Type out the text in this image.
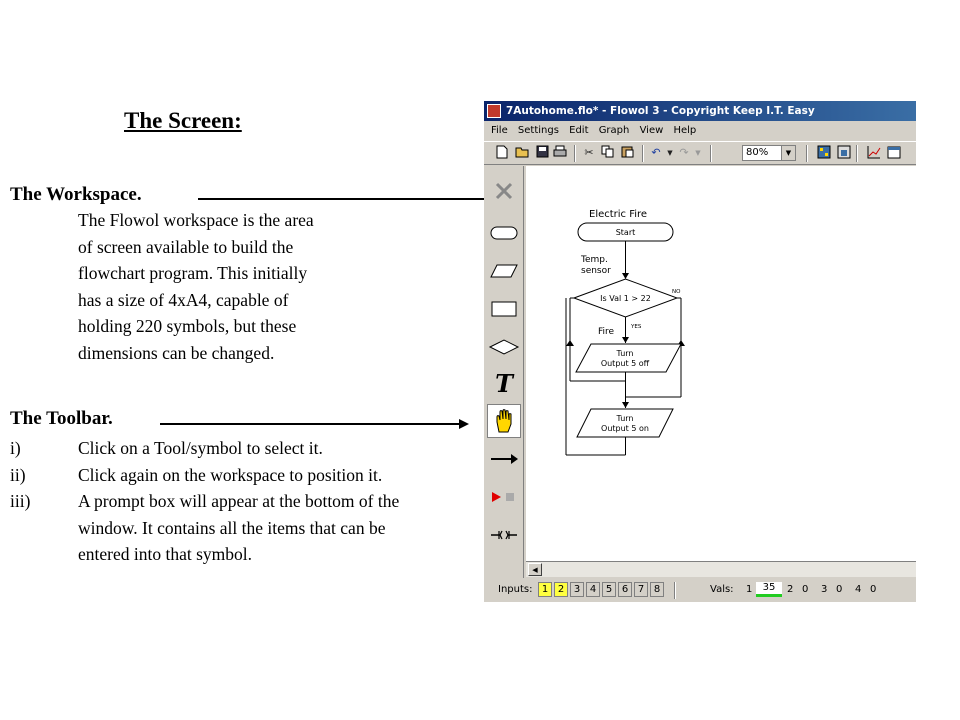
The Screen:
The Workspace.
The Flowol workspace is the area
of screen available to build the
flowchart program. This initially
has a size of 4xA4, capable of
holding 220 symbols, but these
dimensions can be changed.
The Toolbar.
i)	Click on a Tool/symbol to select it.
ii)	Click again on the workspace to position it.
iii)	A prompt box will appear at the bottom of the window. It contains all the items that can be entered into that symbol.
7Autohome.flo* - Flowol 3 - Copyright Keep I.T. Easy
File Settings Edit Graph View Help
✂	↶ ▼ ↷ ▼	80%	▼
T
Electric Fire
Start
Temp.
sensor
Is Val 1 > 22
NO
YES
Fire
Turn
Output 5 off
Turn
Output 5 on
◀
Inputs: 1 2 3 4 5 6 7 8	Vals: 1	35	2 0 3 0 4 0
